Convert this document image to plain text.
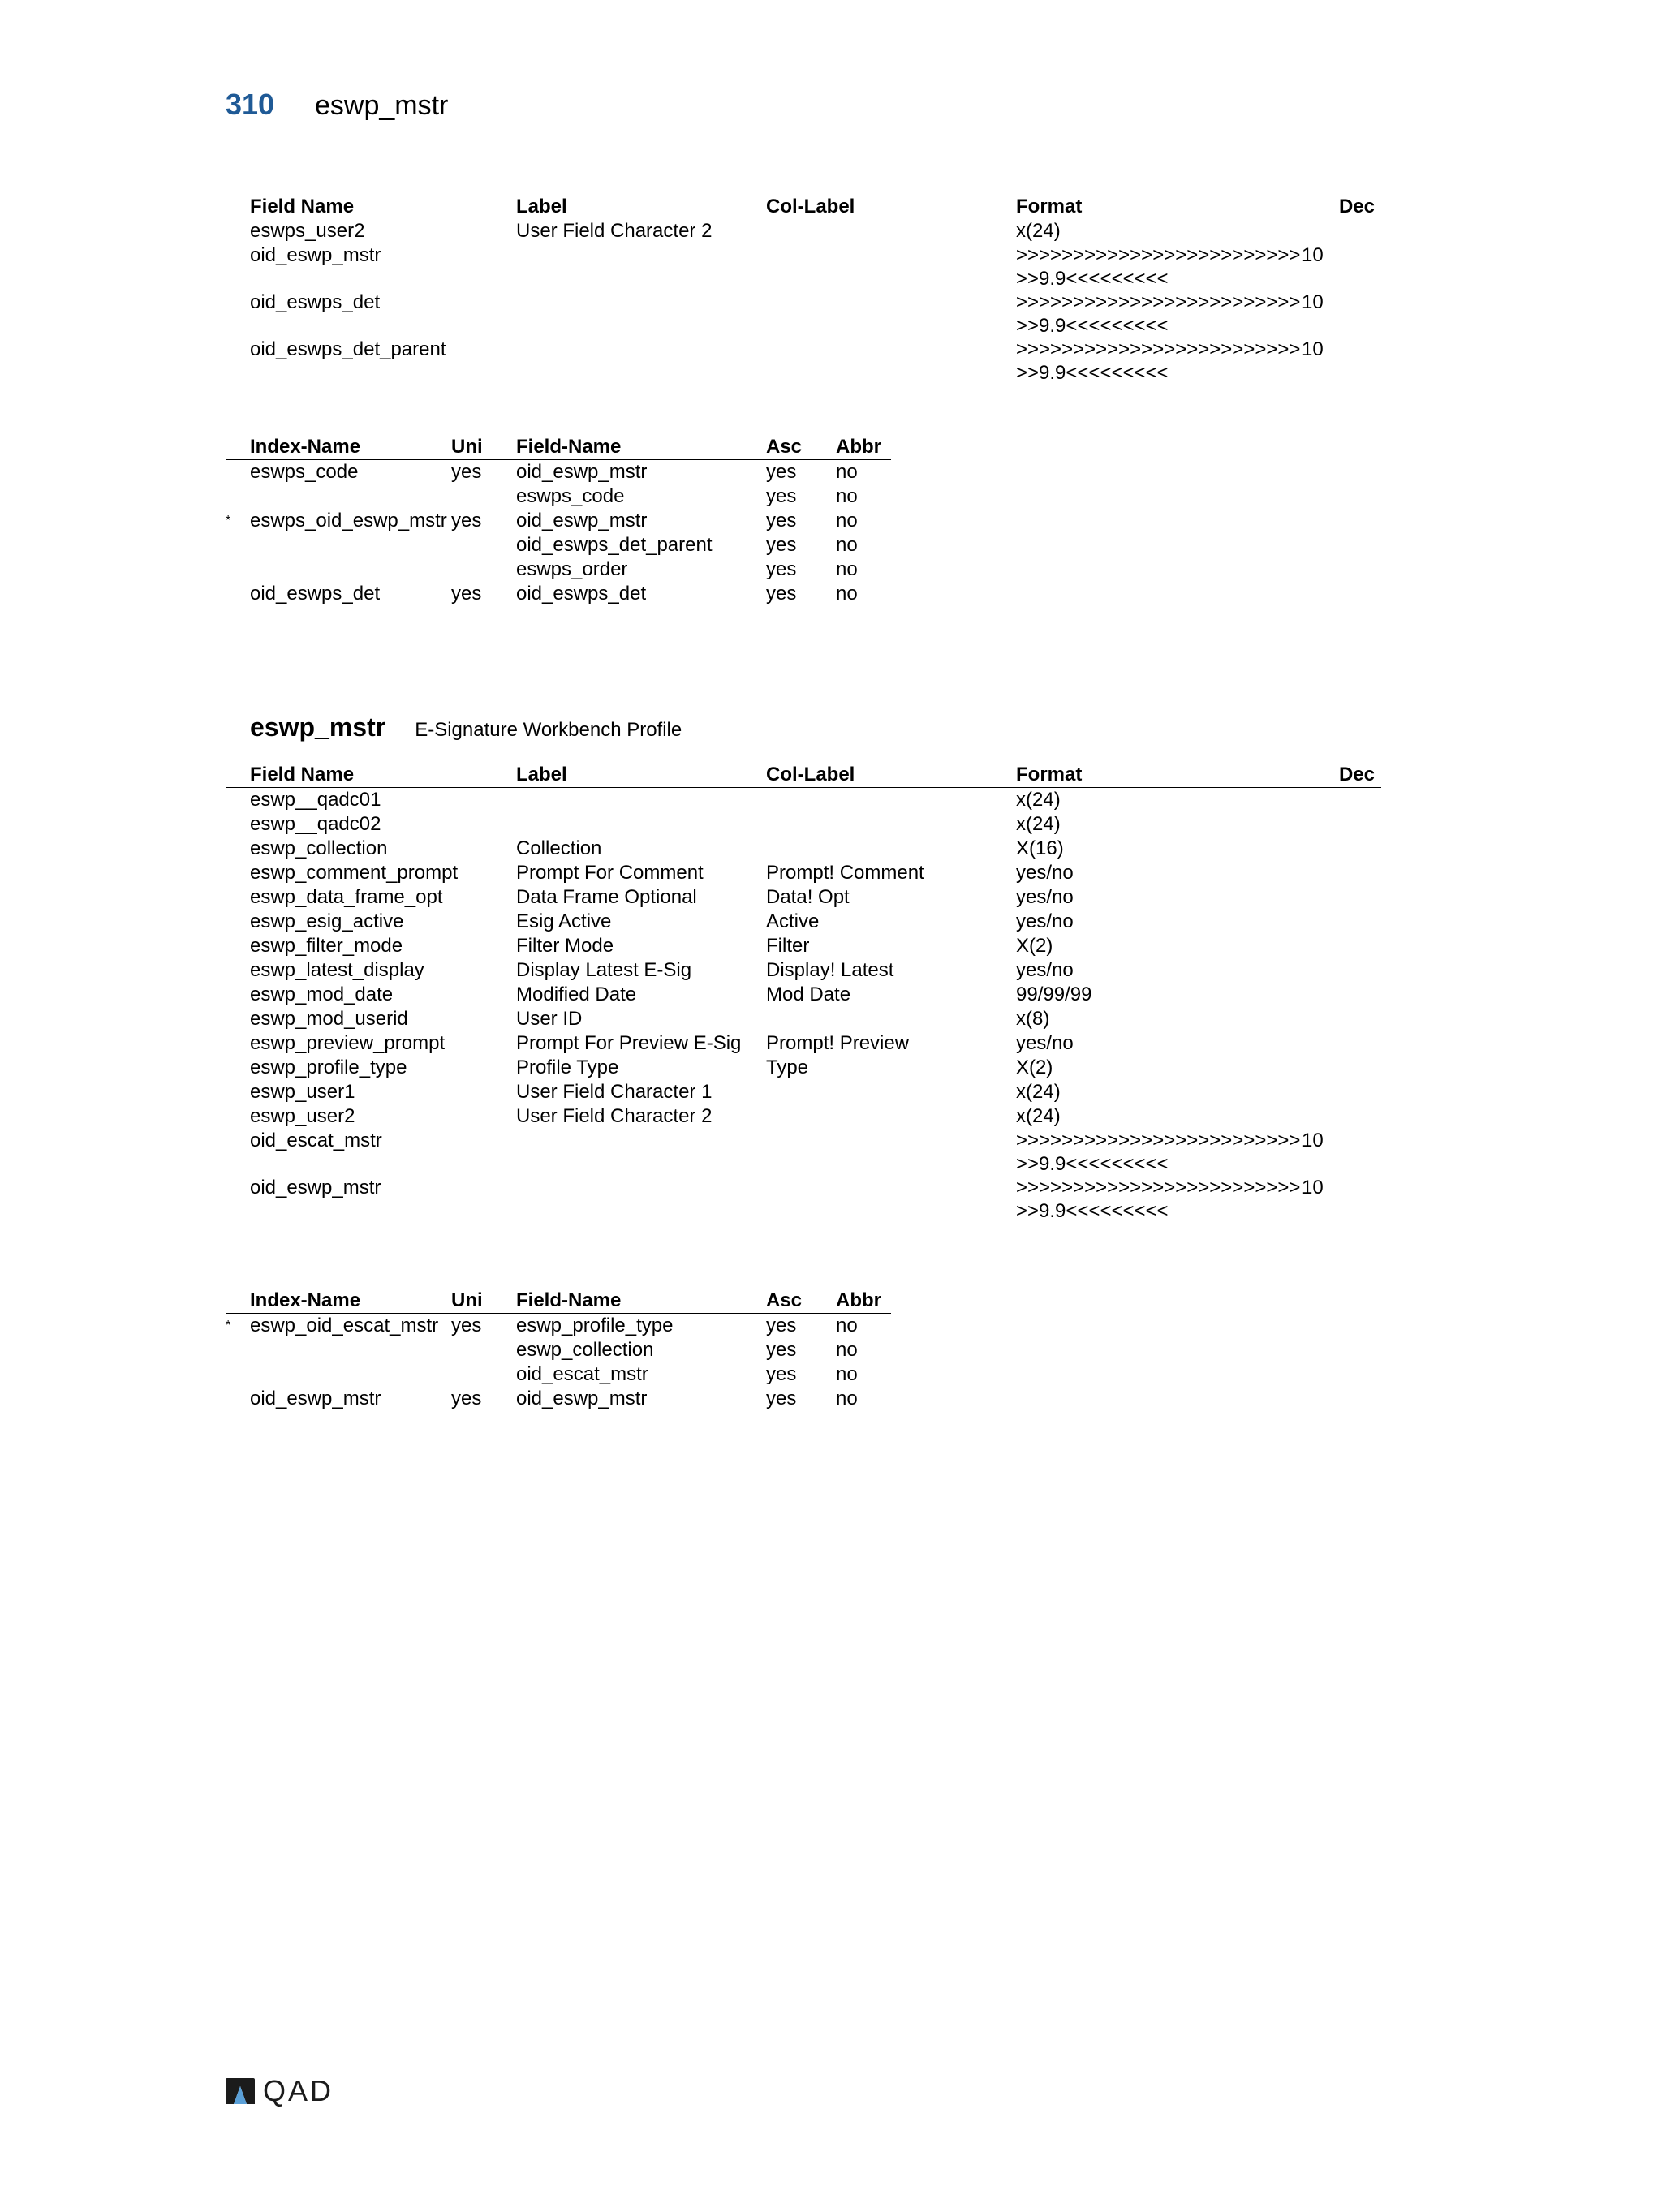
310	eswp_mstr
	Field Name	Label	Col-Label	Format	Dec
	eswps_user2	User Field Character 2		x(24)	
	oid_eswp_mstr			>>>>>>>>>>>>>>>>>>>>>>>>>>>9.9<<<<<<<<<	10
	oid_eswps_det			>>>>>>>>>>>>>>>>>>>>>>>>>>>9.9<<<<<<<<<	10
	oid_eswps_det_parent			>>>>>>>>>>>>>>>>>>>>>>>>>>>9.9<<<<<<<<<	10
	Index-Name	Uni	Field-Name	Asc	Abbr
	eswps_code	yes	oid_eswp_mstr	yes	no
			eswps_code	yes	no
*	eswps_oid_eswp_mstr	yes	oid_eswp_mstr	yes	no
			oid_eswps_det_parent	yes	no
			eswps_order	yes	no
	oid_eswps_det	yes	oid_eswps_det	yes	no
eswp_mstr E-Signature Workbench Profile
	Field Name	Label	Col-Label	Format	Dec
	eswp__qadc01			x(24)	
	eswp__qadc02			x(24)	
	eswp_collection	Collection		X(16)	
	eswp_comment_prompt	Prompt For Comment	Prompt! Comment	yes/no	
	eswp_data_frame_opt	Data Frame Optional	Data! Opt	yes/no	
	eswp_esig_active	Esig Active	Active	yes/no	
	eswp_filter_mode	Filter Mode	Filter	X(2)	
	eswp_latest_display	Display Latest E-Sig	Display! Latest	yes/no	
	eswp_mod_date	Modified Date	Mod Date	99/99/99	
	eswp_mod_userid	User ID		x(8)	
	eswp_preview_prompt	Prompt For Preview E-Sig	Prompt! Preview	yes/no	
	eswp_profile_type	Profile Type	Type	X(2)	
	eswp_user1	User Field Character 1		x(24)	
	eswp_user2	User Field Character 2		x(24)	
	oid_escat_mstr			>>>>>>>>>>>>>>>>>>>>>>>>>>>9.9<<<<<<<<<	10
	oid_eswp_mstr			>>>>>>>>>>>>>>>>>>>>>>>>>>>9.9<<<<<<<<<	10
	Index-Name	Uni	Field-Name	Asc	Abbr
*	eswp_oid_escat_mstr	yes	eswp_profile_type	yes	no
			eswp_collection	yes	no
			oid_escat_mstr	yes	no
	oid_eswp_mstr	yes	oid_eswp_mstr	yes	no
QAD
